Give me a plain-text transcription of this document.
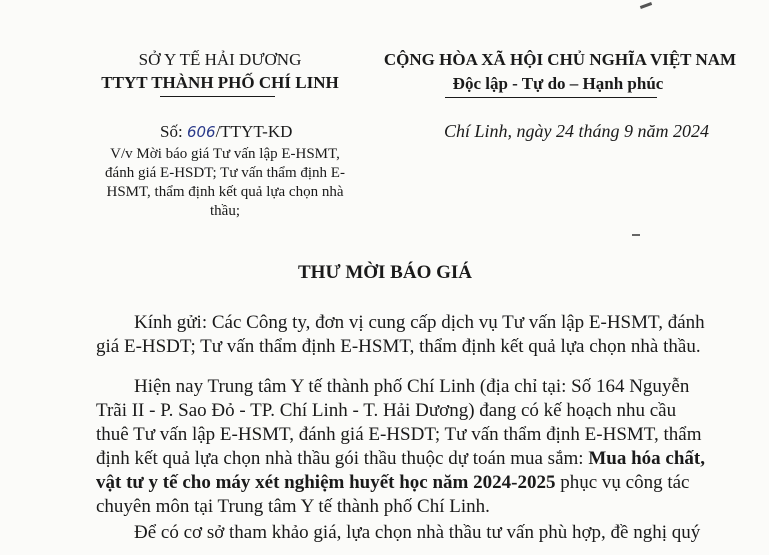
SỞ Y TẾ HẢI DƯƠNG
TTYT THÀNH PHỐ CHÍ LINH
CỘNG HÒA XÃ HỘI CHỦ NGHĨA VIỆT NAM
Độc lập - Tự do – Hạnh phúc
Số: 606/TTYT-KD
V/v Mời báo giá Tư vấn lập E-HSMT,
đánh giá E-HSDT; Tư vấn thẩm định E-
HSMT, thẩm định kết quả lựa chọn nhà
thầu;
Chí Linh, ngày 24 tháng 9 năm 2024
THƯ MỜI BÁO GIÁ
Kính gửi: Các Công ty, đơn vị cung cấp dịch vụ Tư vấn lập E-HSMT, đánh
giá E-HSDT; Tư vấn thẩm định E-HSMT, thẩm định kết quả lựa chọn nhà thầu.
Hiện nay Trung tâm Y tế thành phố Chí Linh (địa chỉ tại: Số 164 Nguyễn
Trãi II - P. Sao Đỏ - TP. Chí Linh - T. Hải Dương) đang có kế hoạch nhu cầu
thuê Tư vấn lập E-HSMT, đánh giá E-HSDT; Tư vấn thẩm định E-HSMT, thẩm
định kết quả lựa chọn nhà thầu gói thầu thuộc dự toán mua sắm: Mua hóa chất,
vật tư y tế cho máy xét nghiệm huyết học năm 2024-2025 phục vụ công tác
chuyên môn tại Trung tâm Y tế thành phố Chí Linh.
Để có cơ sở tham khảo giá, lựa chọn nhà thầu tư vấn phù hợp, đề nghị quý
